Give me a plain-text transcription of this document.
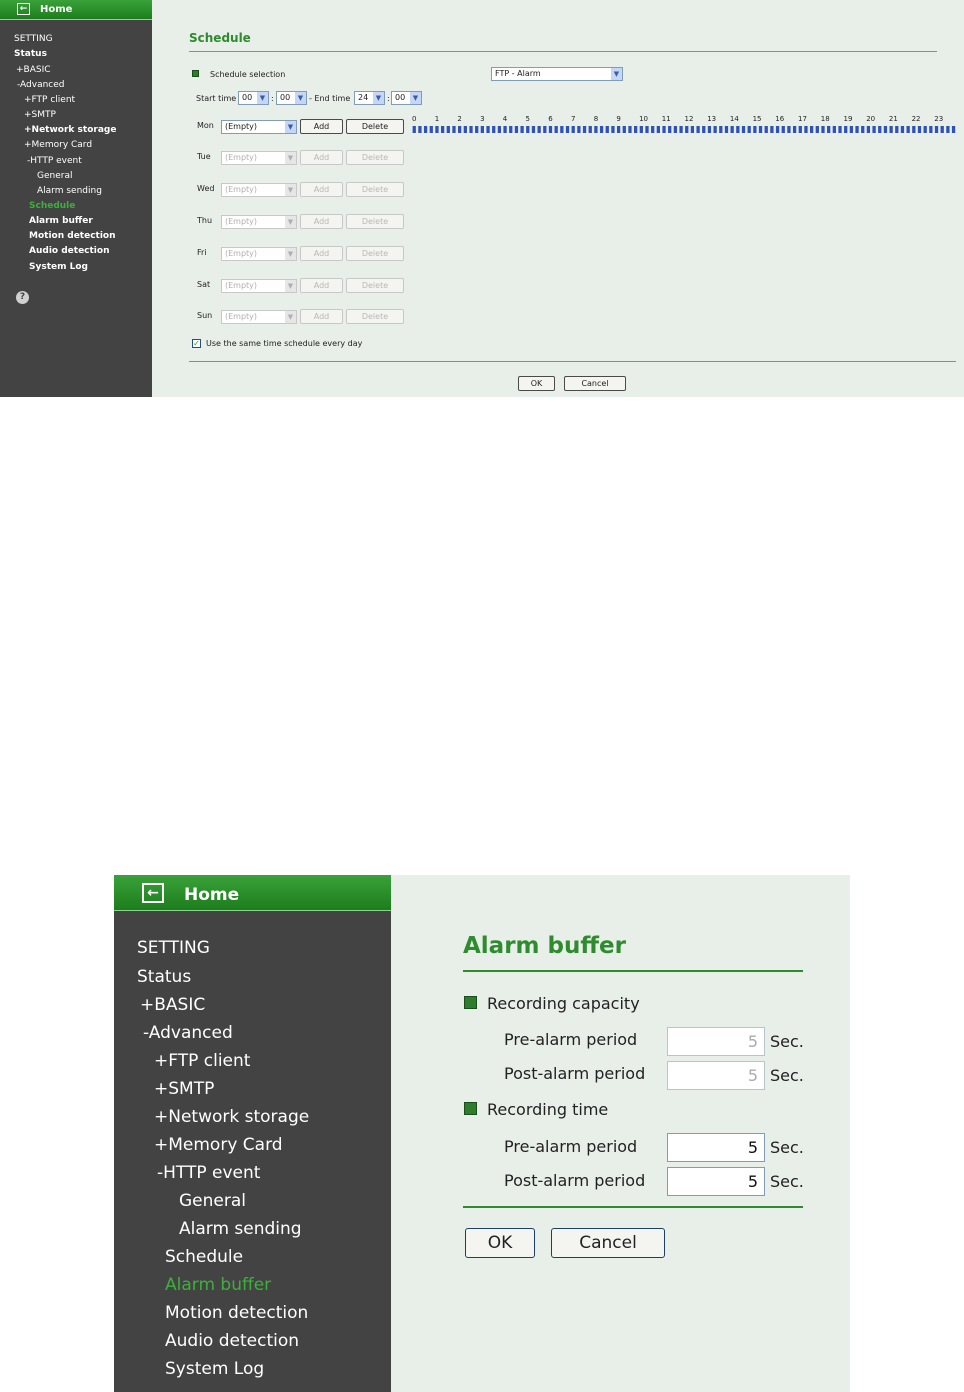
← Home
SETTING
Status
+BASIC
-Advanced
+FTP client
+SMTP
+Network storage
+Memory Card
-HTTP event
General
Alarm sending
Schedule
Alarm buffer
Motion detection
Audio detection
System Log
?
Schedule
Schedule selection	FTP - Alarm	▼
Start time 00	▼ : 00	▼ - End time 24	▼ : 00	▼
Mon	(Empty)	▼	Add	Delete
Tue	(Empty)	▼	Add	Delete
Wed	(Empty)	▼	Add	Delete
Thu	(Empty)	▼	Add	Delete
Fri	(Empty)	▼	Add	Delete
Sat	(Empty)	▼	Add	Delete
Sun	(Empty)	▼	Add	Delete
0	1	2	3	4	5	6	7	8	9	10 11 12 13 14 15 16 17 18 19 20 21 22 23
✓ Use the same time schedule every day
OK	Cancel
←	Home
SETTING
Status
+BASIC
-Advanced
+FTP client
+SMTP
+Network storage
+Memory Card
-HTTP event
General
Alarm sending
Schedule
Alarm buffer
Motion detection
Audio detection
System Log
Alarm buffer
Recording capacity
Pre-alarm period	5 Sec.
Post-alarm period	5 Sec.
Recording time
Pre-alarm period	5 Sec.
Post-alarm period	5 Sec.
OK	Cancel
